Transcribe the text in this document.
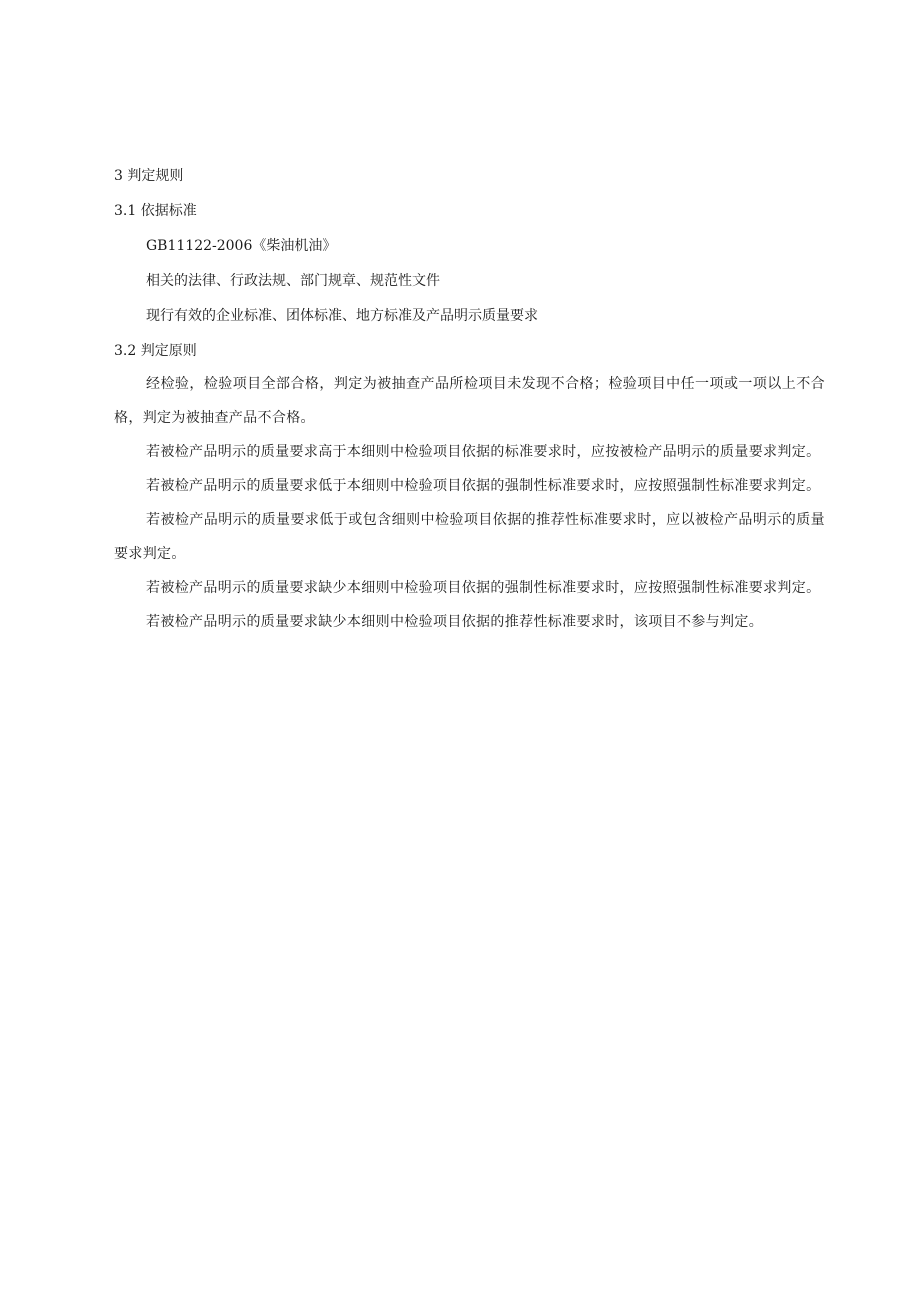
3 判定规则

3.1 依据标准

GB11122-2006《柴油机油》

相关的法律、行政法规、部门规章、规范性文件

现行有效的企业标准、团体标准、地方标准及产品明示质量要求

3.2 判定原则

经检验，检验项目全部合格，判定为被抽查产品所检项目未发现不合格；检验项目中任一项或一项以上不合格，判定为被抽查产品不合格。

若被检产品明示的质量要求高于本细则中检验项目依据的标准要求时，应按被检产品明示的质量要求判定。

若被检产品明示的质量要求低于本细则中检验项目依据的强制性标准要求时，应按照强制性标准要求判定。

若被检产品明示的质量要求低于或包含细则中检验项目依据的推荐性标准要求时，应以被检产品明示的质量要求判定。

若被检产品明示的质量要求缺少本细则中检验项目依据的强制性标准要求时，应按照强制性标准要求判定。

若被检产品明示的质量要求缺少本细则中检验项目依据的推荐性标准要求时，该项目不参与判定。
